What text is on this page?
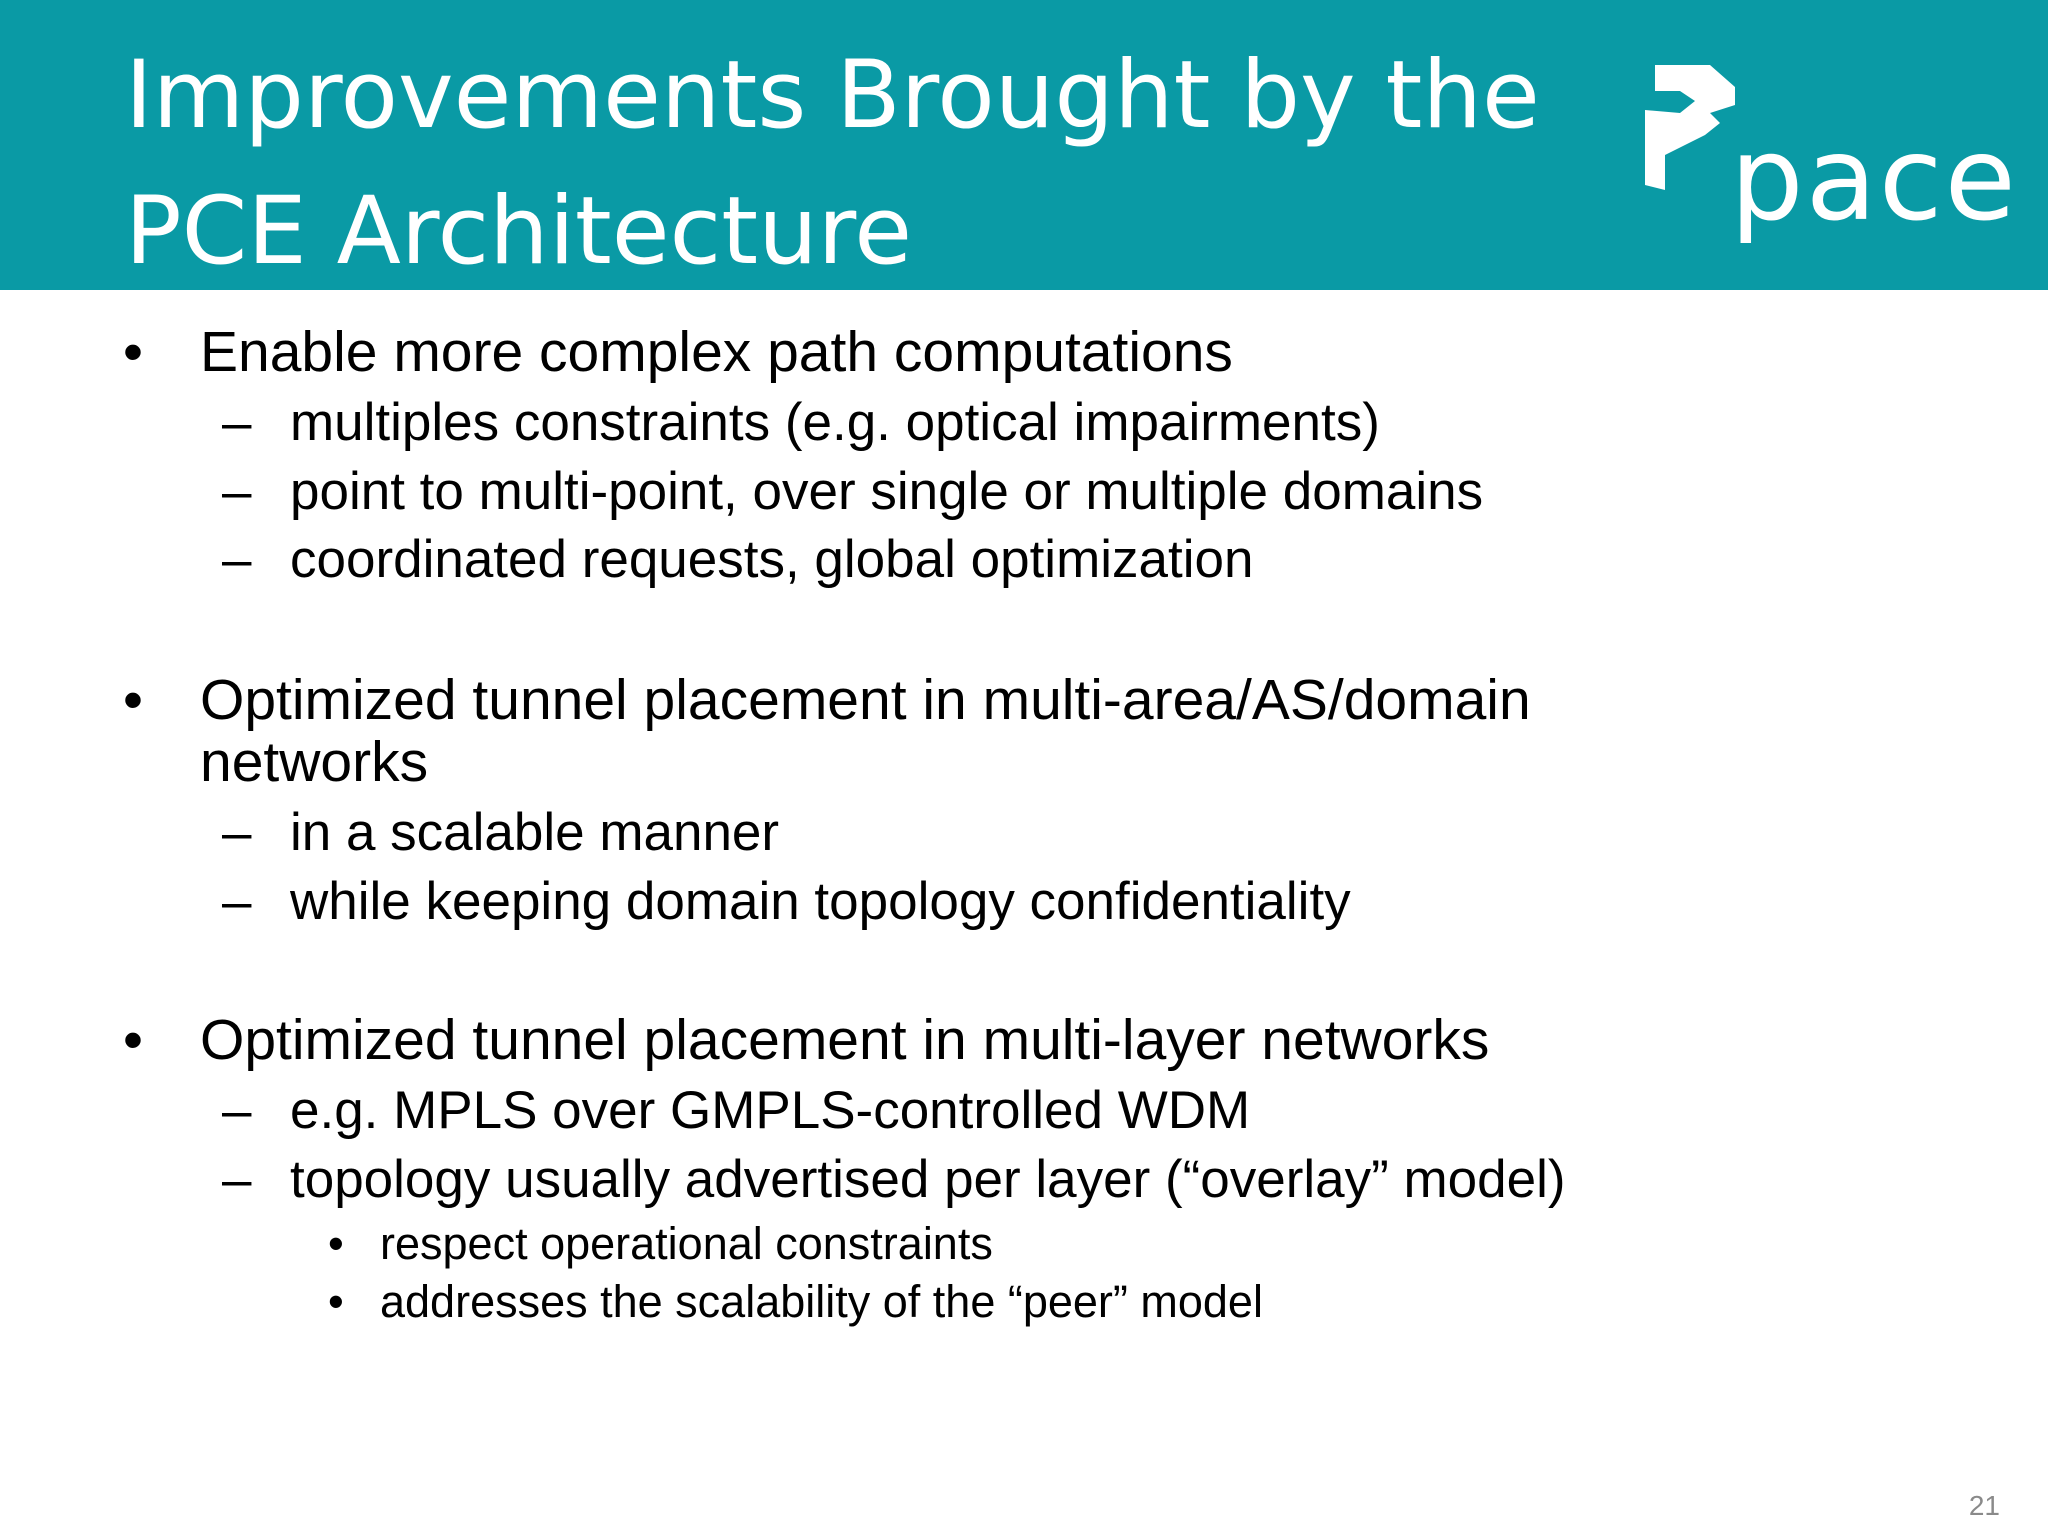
Improvements Brought by the
PCE Architecture	pace
• Enable more complex path computations
– multiples constraints (e.g. optical impairments)
– point to multi-point, over single or multiple domains
– coordinated requests, global optimization
• Optimized tunnel placement in multi-area/AS/domain
networks
– in a scalable manner
– while keeping domain topology confidentiality
• Optimized tunnel placement in multi-layer networks
– e.g. MPLS over GMPLS-controlled WDM
– topology usually advertised per layer (“overlay” model)
• respect operational constraints
• addresses the scalability of the “peer” model
21
